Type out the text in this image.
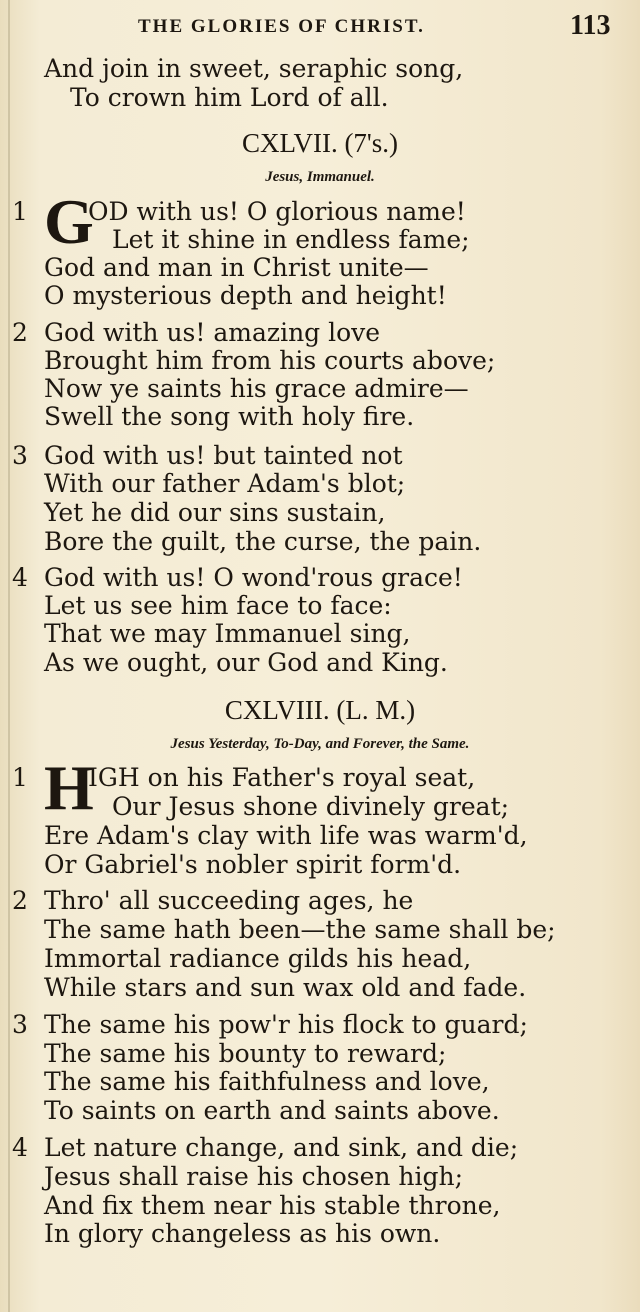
THE GLORIES OF CHRIST.	113
And join in sweet, seraphic song,
To crown him Lord of all.
CXLVII. (7's.)
Jesus, Immanuel.
1 G
OD with us! O glorious name!
Let it shine in endless fame;
God and man in Christ unite—
O mysterious depth and height!
2 God with us! amazing love
Brought him from his courts above;
Now ye saints his grace admire—
Swell the song with holy fire.
3 God with us! but tainted not
With our father Adam's blot;
Yet he did our sins sustain,
Bore the guilt, the curse, the pain.
4 God with us! O wond'rous grace!
Let us see him face to face:
That we may Immanuel sing,
As we ought, our God and King.
CXLVIII. (L. M.)
Jesus Yesterday, To-Day, and Forever, the Same.
1 H
IGH on his Father's royal seat,
Our Jesus shone divinely great;
Ere Adam's clay with life was warm'd,
Or Gabriel's nobler spirit form'd.
2 Thro' all succeeding ages, he
The same hath been—the same shall be;
Immortal radiance gilds his head,
While stars and sun wax old and fade.
3 The same his pow'r his flock to guard;
The same his bounty to reward;
The same his faithfulness and love,
To saints on earth and saints above.
4 Let nature change, and sink, and die;
Jesus shall raise his chosen high;
And fix them near his stable throne,
In glory changeless as his own.
